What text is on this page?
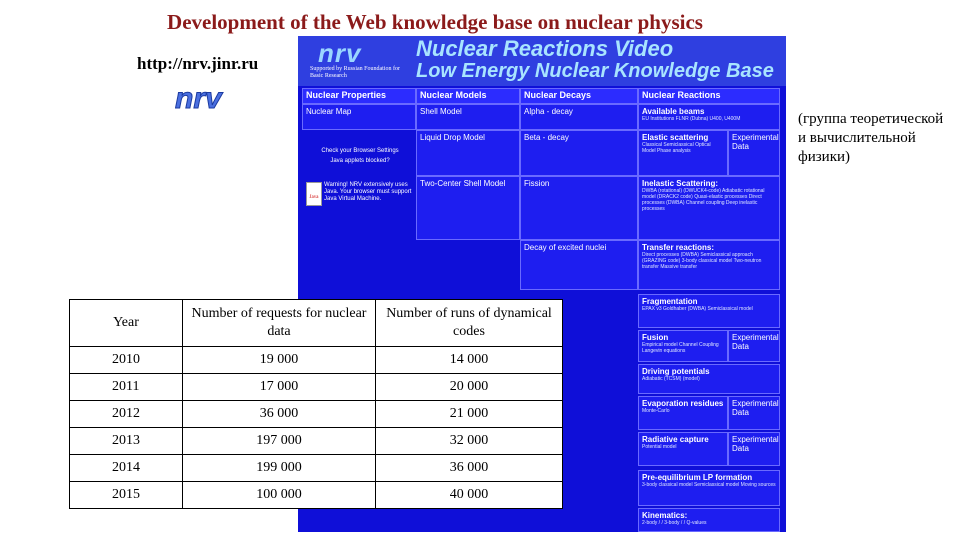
Development of the Web knowledge base on nuclear physics
http://nrv.jinr.ru
nrv
(группа теоретической и вычислительной физики)
nrv
Supported by Russian Foundation for Basic Research
Nuclear Reactions Video
Low Energy Nuclear Knowledge Base
Nuclear Properties	Nuclear Models	Nuclear Decays	Nuclear Reactions
Nuclear Map	Shell Model	Alpha - decay	Available beams
EU Institutions FLNR (Dubna) U400, U400M
Check your Browser Settings
Java applets blocked?
Java
Warning! NRV extensively uses Java. Your browser must support Java Virtual Machine.
Liquid Drop Model	Beta - decay	Elastic scattering
Classical Semiclassical Optical Model Phase analysis
Experimental Data
Two-Center Shell Model	Fission	Inelastic Scattering:
DWBA (rotational) (DWUCK4-code) Adiabatic rotational model (DRACK2 code) Quasi-elastic processes Direct processes (DWBA) Channel coupling Deep inelastic processes
Decay of excited nuclei	Transfer reactions:
Direct processes (DWBA) Semiclassical approach (GRAZING code) 3-body classical model Two-neutron transfer Massive transfer
Fragmentation
EPAX v3 Goldhaber (DWBA) Semiclassical model
Fusion
Empirical model Channel Coupling Langevin equations
Experimental Data
Driving potentials
Adiabatic (TCSM) (model)
Evaporation residues
Monte-Carlo
Experimental Data
Radiative capture
Potential model
Experimental Data
Pre-equilibrium LP formation
3-body classical model Semiclassical model Moving sources
Kinematics:
2-body / / 3-body / / Q-values
Year	Number of requests for nuclear data	Number of runs of dynamical codes
2010	19 000	14 000
2011	17 000	20 000
2012	36 000	21 000
2013	197 000	32 000
2014	199 000	36 000
2015	100 000	40 000
